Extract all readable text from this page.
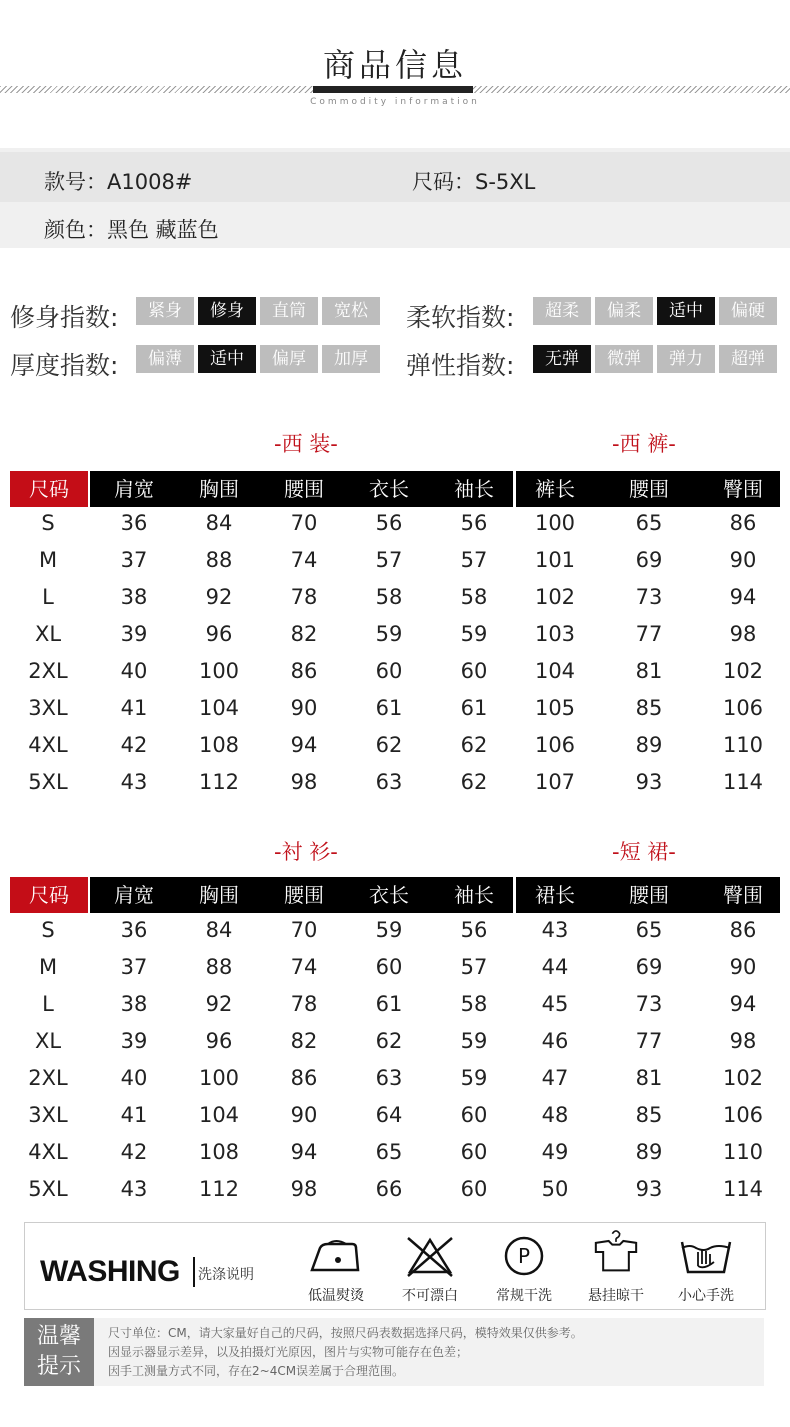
商品信息
Commodity information
款号：A1008#	尺码：S-5XL
颜色：黑色 藏蓝色
修身指数:	紧身	修身	直筒	宽松	柔软指数:	超柔	偏柔	适中	偏硬
厚度指数:	偏薄	适中	偏厚	加厚	弹性指数:	无弹	微弹	弹力	超弹
-西 装-	-西 裤-
尺码	肩宽	胸围	腰围	衣长	袖长	裤长	腰围	臀围
S	36	84	70	56	56	100	65	86
M	37	88	74	57	57	101	69	90
L	38	92	78	58	58	102	73	94
XL	39	96	82	59	59	103	77	98
2XL	40	100	86	60	60	104	81	102
3XL	41	104	90	61	61	105	85	106
4XL	42	108	94	62	62	106	89	110
5XL	43	112	98	63	62	107	93	114
-衬 衫-	-短 裙-
尺码	肩宽	胸围	腰围	衣长	袖长	裙长	腰围	臀围
S	36	84	70	59	56	43	65	86
M	37	88	74	60	57	44	69	90
L	38	92	78	61	58	45	73	94
XL	39	96	82	62	59	46	77	98
2XL	40	100	86	63	59	47	81	102
3XL	41	104	90	64	60	48	85	106
4XL	42	108	94	65	60	49	89	110
5XL	43	112	98	66	60	50	93	114
WASHING 洗涤说明
低温熨烫	不可漂白
P
常规干洗	悬挂晾干	小心手洗
温馨提示
尺寸单位：CM，请大家量好自己的尺码，按照尺码表数据选择尺码，模特效果仅供参考。
因显示器显示差异，以及拍摄灯光原因，图片与实物可能存在色差；
因手工测量方式不同，存在2~4CM误差属于合理范围。
